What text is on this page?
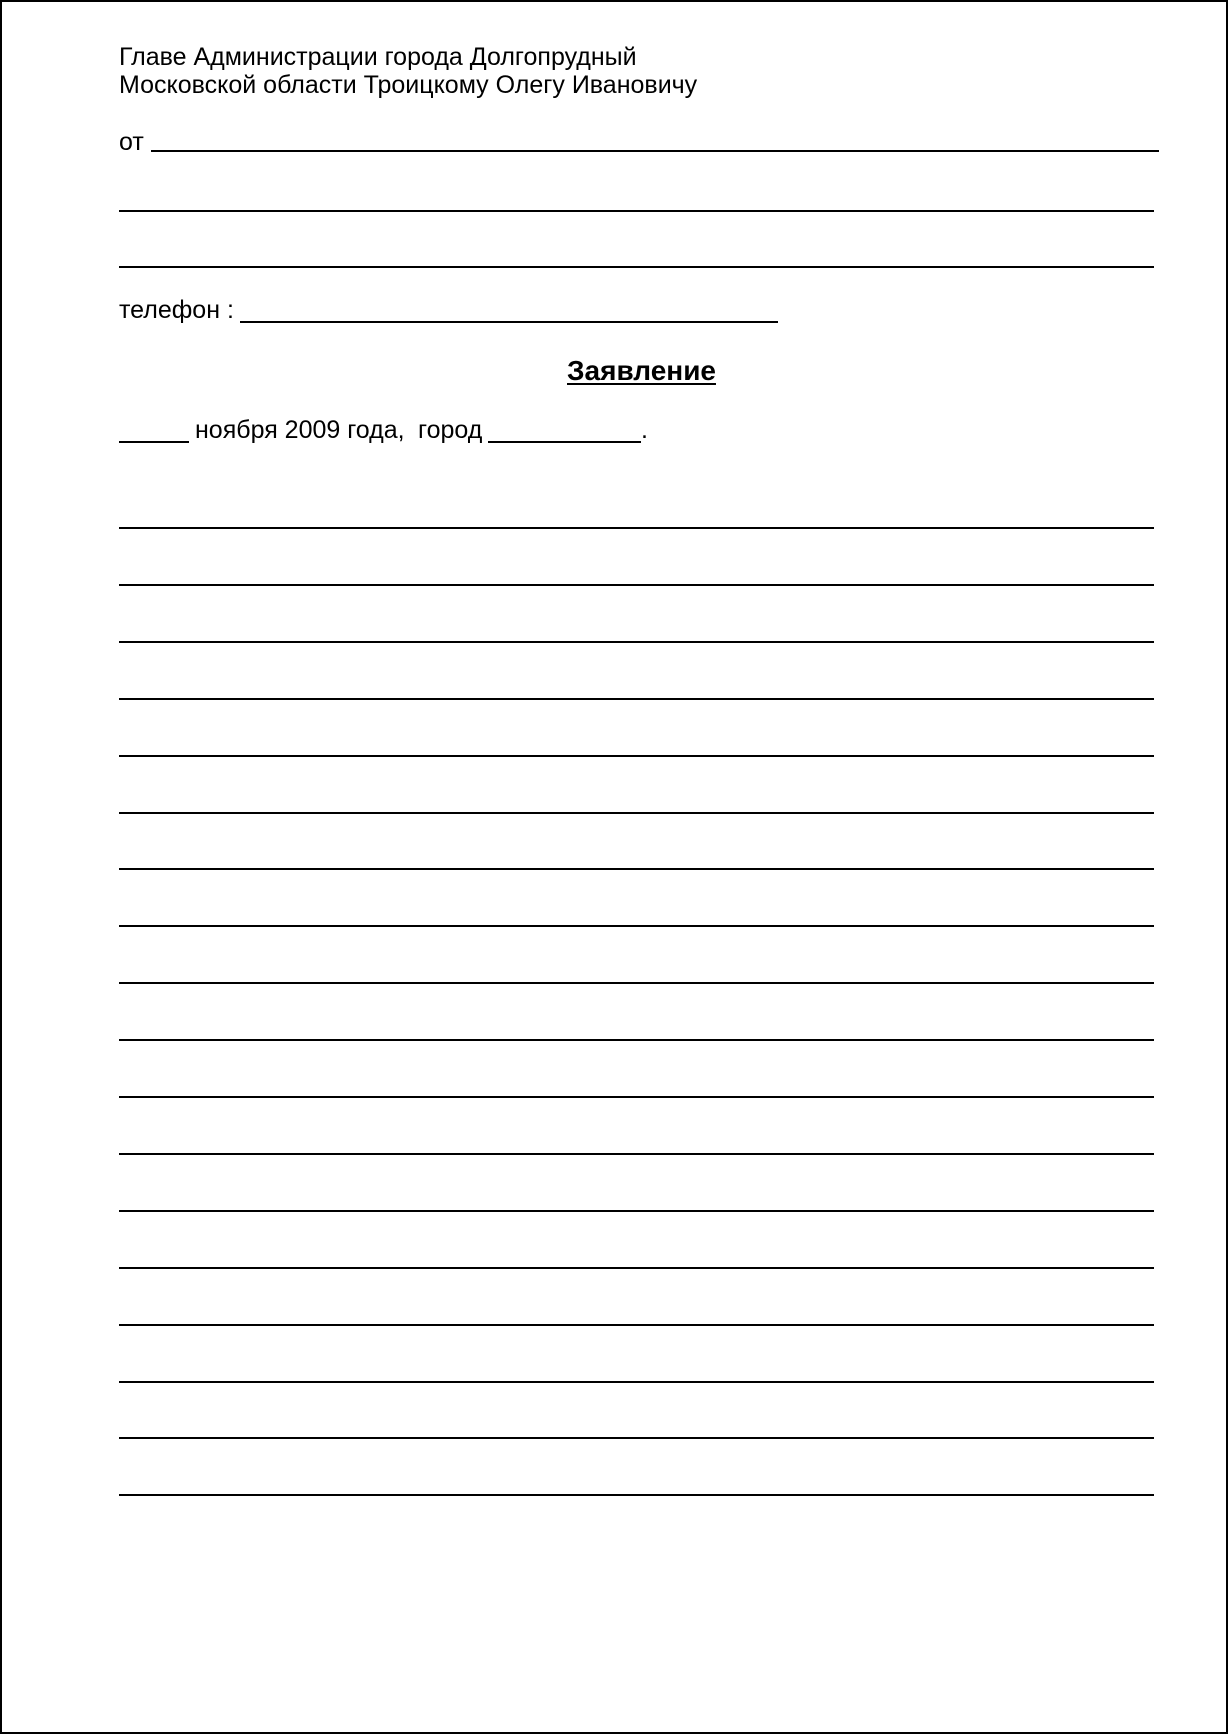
Главе Администрации города Долгопрудный
Московской области Троицкому Олегу Ивановичу
от
телефон :
Заявление
ноября 2009 года, город	.
